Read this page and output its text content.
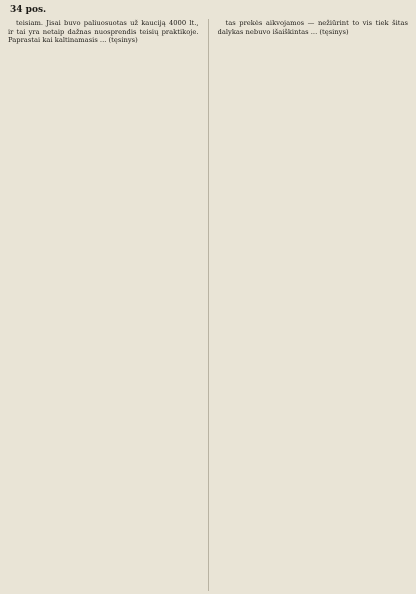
34 pos.

teisiam. Jisai buvo paliuosuotas už kauciją 4000 lt., ir tai yra netaip dažnas nuosprendis teisių praktikoje. Paprastai kai kaltinamasis ... (tęsinys)

tas prekės aikvojamos — nežiūrint to vis tiek šitas dalykas nebuvo išaiškintas ... (tęsinys)
